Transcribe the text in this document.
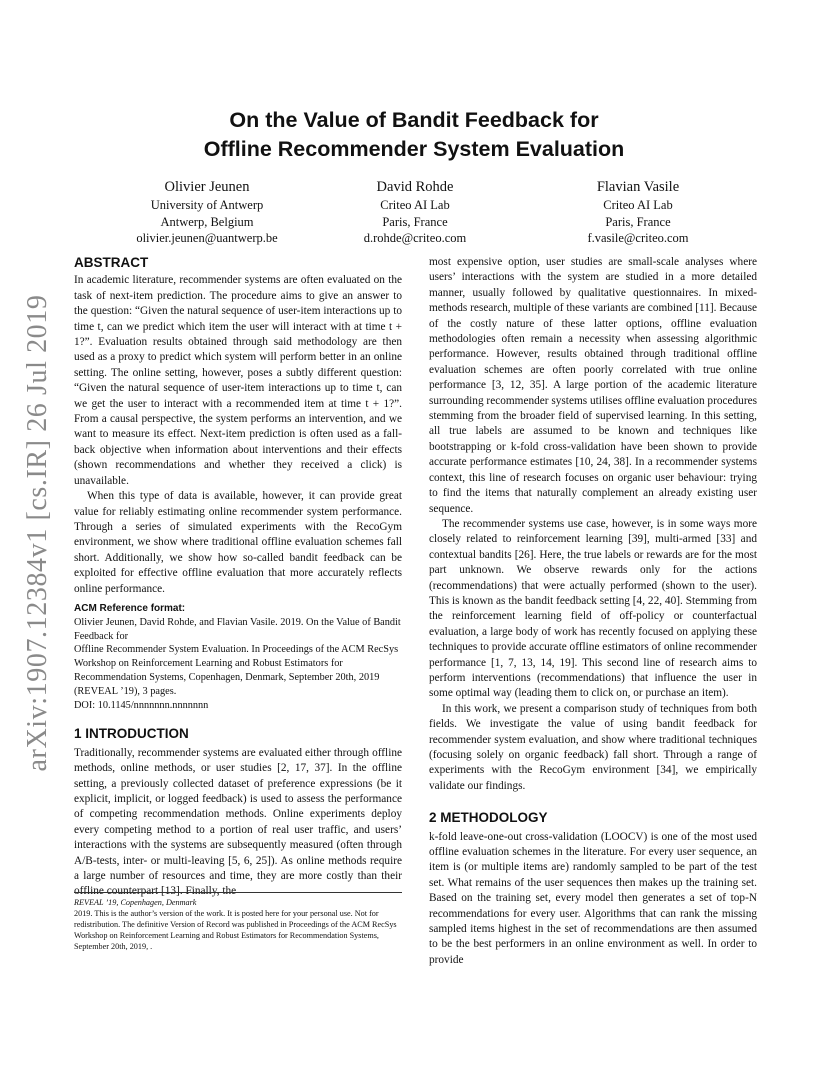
arXiv:1907.12384v1 [cs.IR] 26 Jul 2019
On the Value of Bandit Feedback for
Offline Recommender System Evaluation
Olivier Jeunen
University of Antwerp
Antwerp, Belgium
olivier.jeunen@uantwerp.be
David Rohde
Criteo AI Lab
Paris, France
d.rohde@criteo.com
Flavian Vasile
Criteo AI Lab
Paris, France
f.vasile@criteo.com

ABSTRACT

In academic literature, recommender systems are often evaluated on the task of next-item prediction. The procedure aims to give an answer to the question: “Given the natural sequence of user-item interactions up to time t, can we predict which item the user will interact with at time t + 1?”. Evaluation results obtained through said methodology are then used as a proxy to predict which system will perform better in an online setting. The online setting, however, poses a subtly different question: “Given the natural sequence of user-item interactions up to time t, can we get the user to interact with a recommended item at time t + 1?”. From a causal perspective, the system performs an intervention, and we want to measure its effect. Next-item prediction is often used as a fall-back objective when information about interventions and their effects (shown recommendations and whether they received a click) is unavailable.

When this type of data is available, however, it can provide great value for reliably estimating online recommender system performance. Through a series of simulated experiments with the RecoGym environment, we show where traditional offline evaluation schemes fall short. Additionally, we show how so-called bandit feedback can be exploited for effective offline evaluation that more accurately reflects online performance.

ACM Reference format:

Olivier Jeunen, David Rohde, and Flavian Vasile. 2019. On the Value of Bandit Feedback for

Offline Recommender System Evaluation. In Proceedings of the ACM RecSys Workshop on Reinforcement Learning and Robust Estimators for Recommendation Systems, Copenhagen, Denmark, September 20th, 2019 (REVEAL ’19), 3 pages.

DOI: 10.1145/nnnnnnn.nnnnnnn

1 INTRODUCTION

Traditionally, recommender systems are evaluated either through offline methods, online methods, or user studies [2, 17, 37]. In the offline setting, a previously collected dataset of preference expressions (be it explicit, implicit, or logged feedback) is used to assess the performance of competing recommendation methods. Online experiments deploy every competing method to a portion of real user traffic, and users’ interactions with the systems are subsequently measured (often through A/B-tests, inter- or multi-leaving [5, 6, 25]). As online methods require a large number of resources and time, they are more costly than their offline counterpart [13]. Finally, the

REVEAL ’19, Copenhagen, Denmark
2019. This is the author’s version of the work. It is posted here for your personal use. Not for redistribution. The definitive Version of Record was published in Proceedings of the ACM RecSys Workshop on Reinforcement Learning and Robust Estimators for Recommendation Systems, September 20th, 2019, .

most expensive option, user studies are small-scale analyses where users’ interactions with the system are studied in a more detailed manner, usually followed by qualitative questionnaires. In mixed-methods research, multiple of these variants are combined [11]. Because of the costly nature of these latter options, offline evaluation methodologies often remain a necessity when assessing algorithmic performance. However, results obtained through traditional offline evaluation schemes are often poorly correlated with true online performance [3, 12, 35]. A large portion of the academic literature surrounding recommender systems utilises offline evaluation procedures stemming from the broader field of supervised learning. In this setting, all true labels are assumed to be known and techniques like bootstrapping or k-fold cross-validation have been shown to provide accurate performance estimates [10, 24, 38]. In a recommender systems context, this line of research focuses on organic user behaviour: trying to find the items that naturally complement an already existing user sequence.

The recommender systems use case, however, is in some ways more closely related to reinforcement learning [39], multi-armed [33] and contextual bandits [26]. Here, the true labels or rewards are for the most part unknown. We observe rewards only for the actions (recommendations) that were actually performed (shown to the user). This is known as the bandit feedback setting [4, 22, 40]. Stemming from the reinforcement learning field of off-policy or counterfactual evaluation, a large body of work has recently focused on applying these techniques to provide accurate offline estimators of online recommender performance [1, 7, 13, 14, 19]. This second line of research aims to perform interventions (recommendations) that influence the user in some optimal way (leading them to click on, or purchase an item).

In this work, we present a comparison study of techniques from both fields. We investigate the value of using bandit feedback for recommender system evaluation, and show where traditional techniques (focusing solely on organic feedback) fall short. Through a range of experiments with the RecoGym environment [34], we empirically validate our findings.

2 METHODOLOGY

k-fold leave-one-out cross-validation (LOOCV) is one of the most used offline evaluation schemes in the literature. For every user sequence, an item is (or multiple items are) randomly sampled to be part of the test set. What remains of the user sequences then makes up the training set. Based on the training set, every model then generates a set of top-N recommendations for every user. Algorithms that can rank the missing sampled items highest in the set of recommendations are then assumed to be the best performers in an online environment as well. In order to provide
